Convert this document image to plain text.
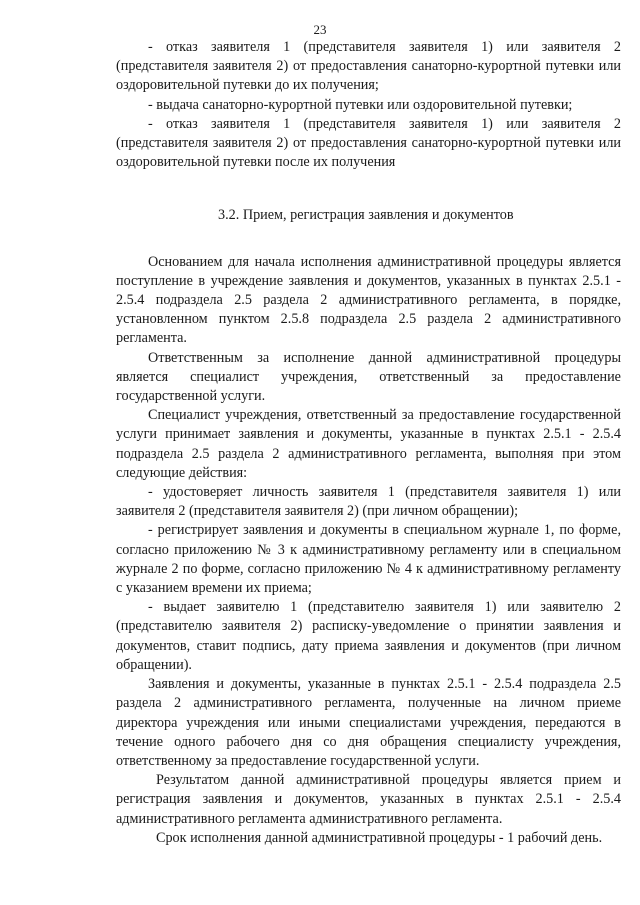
23

- отказ заявителя 1 (представителя заявителя 1) или заявителя 2 (представителя заявителя 2) от предоставления санаторно-курортной путевки или оздоровительной путевки до их получения;

- выдача санаторно-курортной путевки или оздоровительной путевки;

- отказ заявителя 1 (представителя заявителя 1) или заявителя 2 (представителя заявителя 2) от предоставления санаторно-курортной путевки или оздоровительной путевки после их получения

3.2. Прием, регистрация заявления и документов

Основанием для начала исполнения административной процедуры является поступление в учреждение заявления и документов, указанных в пунктах 2.5.1 - 2.5.4 подраздела 2.5 раздела 2 административного регламента, в порядке, установленном пунктом 2.5.8 подраздела 2.5 раздела 2 административного регламента.

Ответственным за исполнение данной административной процедуры является специалист учреждения, ответственный за предоставление государственной услуги.

Специалист учреждения, ответственный за предоставление государственной услуги принимает заявления и документы, указанные в пунктах 2.5.1 - 2.5.4 подраздела 2.5 раздела 2 административного регламента, выполняя при этом следующие действия:

- удостоверяет личность заявителя 1 (представителя заявителя 1) или заявителя 2 (представителя заявителя 2) (при личном обращении);

- регистрирует заявления и документы в специальном журнале 1, по форме, согласно приложению № 3 к административному регламенту или в специальном журнале 2 по форме, согласно приложению № 4 к административному регламенту с указанием времени их приема;

- выдает заявителю 1 (представителю заявителя 1) или заявителю 2 (представителю заявителя 2) расписку-уведомление о принятии заявления и документов, ставит подпись, дату приема заявления и документов (при личном обращении).

Заявления и документы, указанные в пунктах 2.5.1 - 2.5.4 подраздела 2.5 раздела 2 административного регламента, полученные на личном приеме директора учреждения или иными специалистами учреждения, передаются в течение одного рабочего дня со дня обращения специалисту учреждения, ответственному за предоставление государственной услуги.

Результатом данной административной процедуры является прием и регистрация заявления и документов, указанных в пунктах 2.5.1 - 2.5.4 административного регламента административного регламента.

Срок исполнения данной административной процедуры - 1 рабочий день.
